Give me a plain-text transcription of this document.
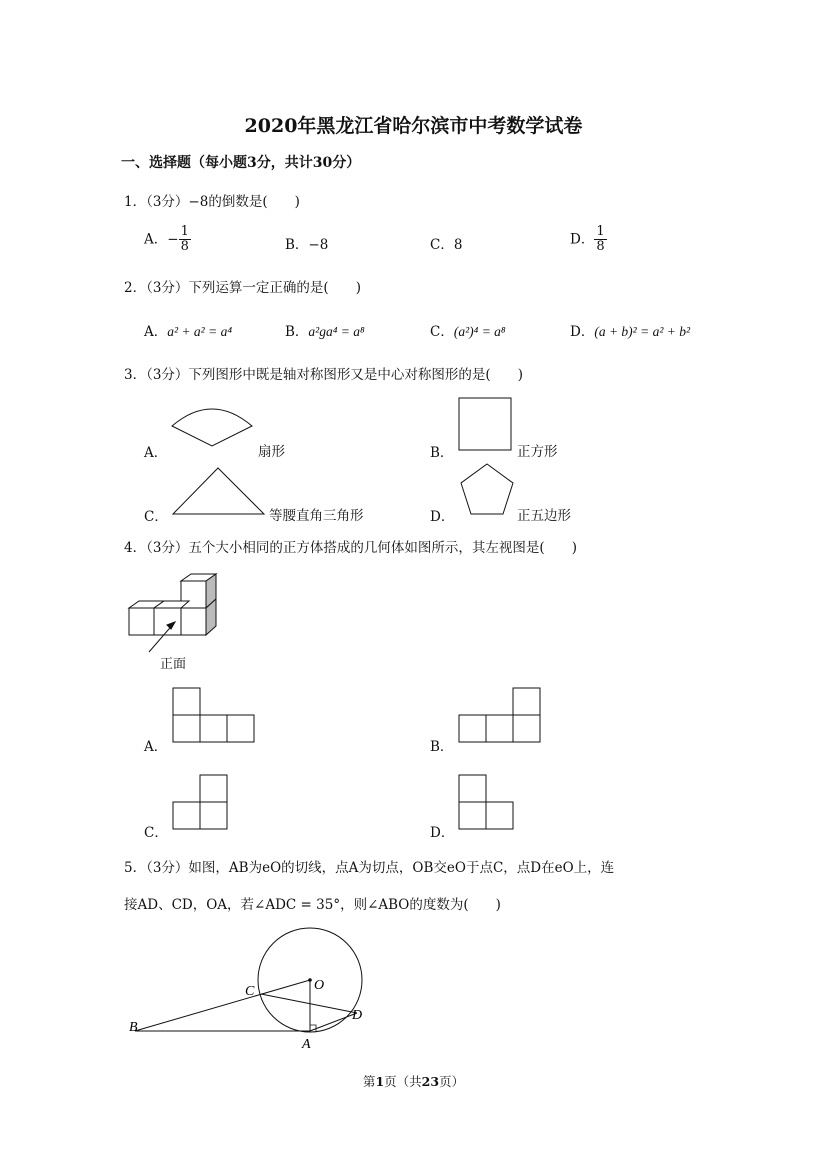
2020年黑龙江省哈尔滨市中考数学试卷
一、选择题（每小题3分，共计30分）
1．（3分）−8的倒数是(　　)
A．− $\frac{1}{8}$	B．−8	C．8	D． $\frac{1}{8}$
2．（3分）下列运算一定正确的是(　　)
A．a² + a² = a⁴	B．a²ga⁴ = a⁸	C．(a²)⁴ = a⁸	D．(a + b)² = a² + b²
3．（3分）下列图形中既是轴对称图形又是中心对称图形的是(　　)
A．	扇形	B．	正方形
C．	等腰直角三角形	D．	正五边形
4．（3分）五个大小相同的正方体搭成的几何体如图所示，其左视图是(　　)
正面
A．	B．
C．	D．
5．（3分）如图，AB为eO的切线，点A为切点，OB交eO于点C，点D在eO上，连
接AD、CD，OA，若∠ADC = 35°，则∠ABO的度数为(　　)
O
C
B
A
D
第1页（共23页）
